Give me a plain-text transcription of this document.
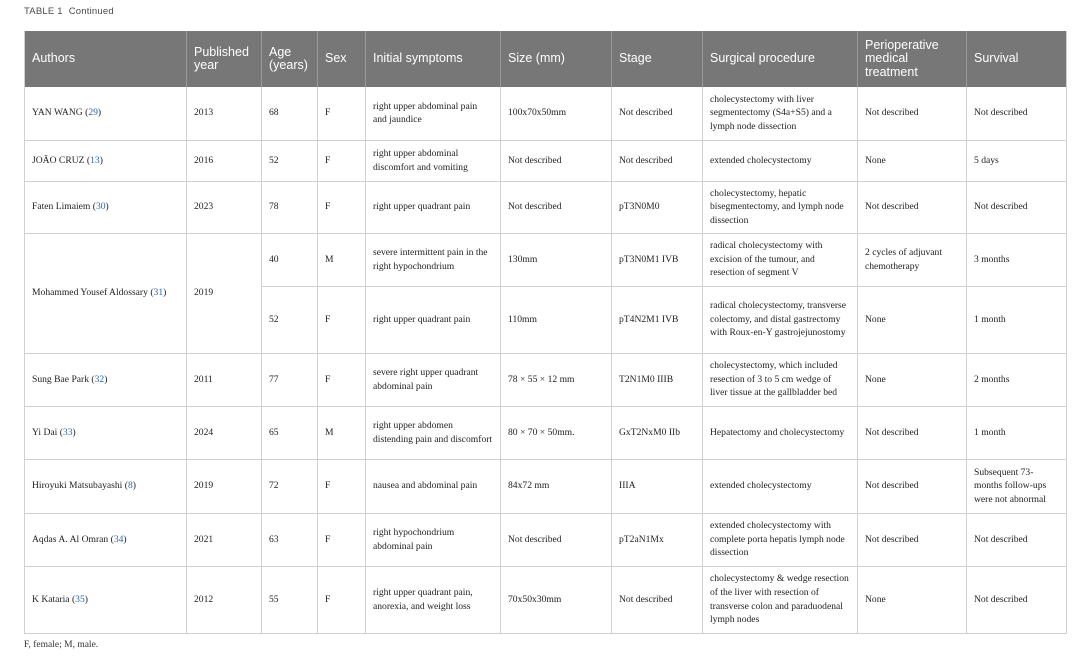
TABLE 1 Continued
Authors	Published year	Age (years)	Sex	Initial symptoms	Size (mm)	Stage	Surgical procedure	Perioperative medical treatment	Survival
YAN WANG (29)	2013	68	F	right upper abdominal pain and jaundice	100x70x50mm	Not described	cholecystectomy with liver segmentectomy (S4a+S5) and a lymph node dissection	Not described	Not described
JOÃO CRUZ (13)	2016	52	F	right upper abdominal discomfort and vomiting	Not described	Not described	extended cholecystectomy	None	5 days
Faten Limaiem (30)	2023	78	F	right upper quadrant pain	Not described	pT3N0M0	cholecystectomy, hepatic bisegmentectomy, and lymph node dissection	Not described	Not described
Mohammed Yousef Aldossary (31)	2019	40	M	severe intermittent pain in the right hypochondrium	130mm	pT3N0M1 IVB	radical cholecystectomy with excision of the tumour, and resection of segment V	2 cycles of adjuvant chemotherapy	3 months
		52	F	right upper quadrant pain	110mm	pT4N2M1 IVB	radical cholecystectomy, transverse colectomy, and distal gastrectomy with Roux-en-Y gastrojejunostomy	None	1 month
Sung Bae Park (32)	2011	77	F	severe right upper quadrant abdominal pain	78 × 55 × 12 mm	T2N1M0 IIIB	cholecystectomy, which included resection of 3 to 5 cm wedge of liver tissue at the gallbladder bed	None	2 months
Yi Dai (33)	2024	65	M	right upper abdomen distending pain and discomfort	80 × 70 × 50mm.	GxT2NxM0 IIb	Hepatectomy and cholecystectomy	Not described	1 month
Hiroyuki Matsubayashi (8)	2019	72	F	nausea and abdominal pain	84x72 mm	IIIA	extended cholecystectomy	Not described	Subsequent 73-months follow-ups were not abnormal
Aqdas A. Al Omran (34)	2021	63	F	right hypochondrium abdominal pain	Not described	pT2aN1Mx	extended cholecystectomy with complete porta hepatis lymph node dissection	Not described	Not described
K Kataria (35)	2012	55	F	right upper quadrant pain, anorexia, and weight loss	70x50x30mm	Not described	cholecystectomy & wedge resection of the liver with resection of transverse colon and paraduodenal lymph nodes	None	Not described
F, female; M, male.
